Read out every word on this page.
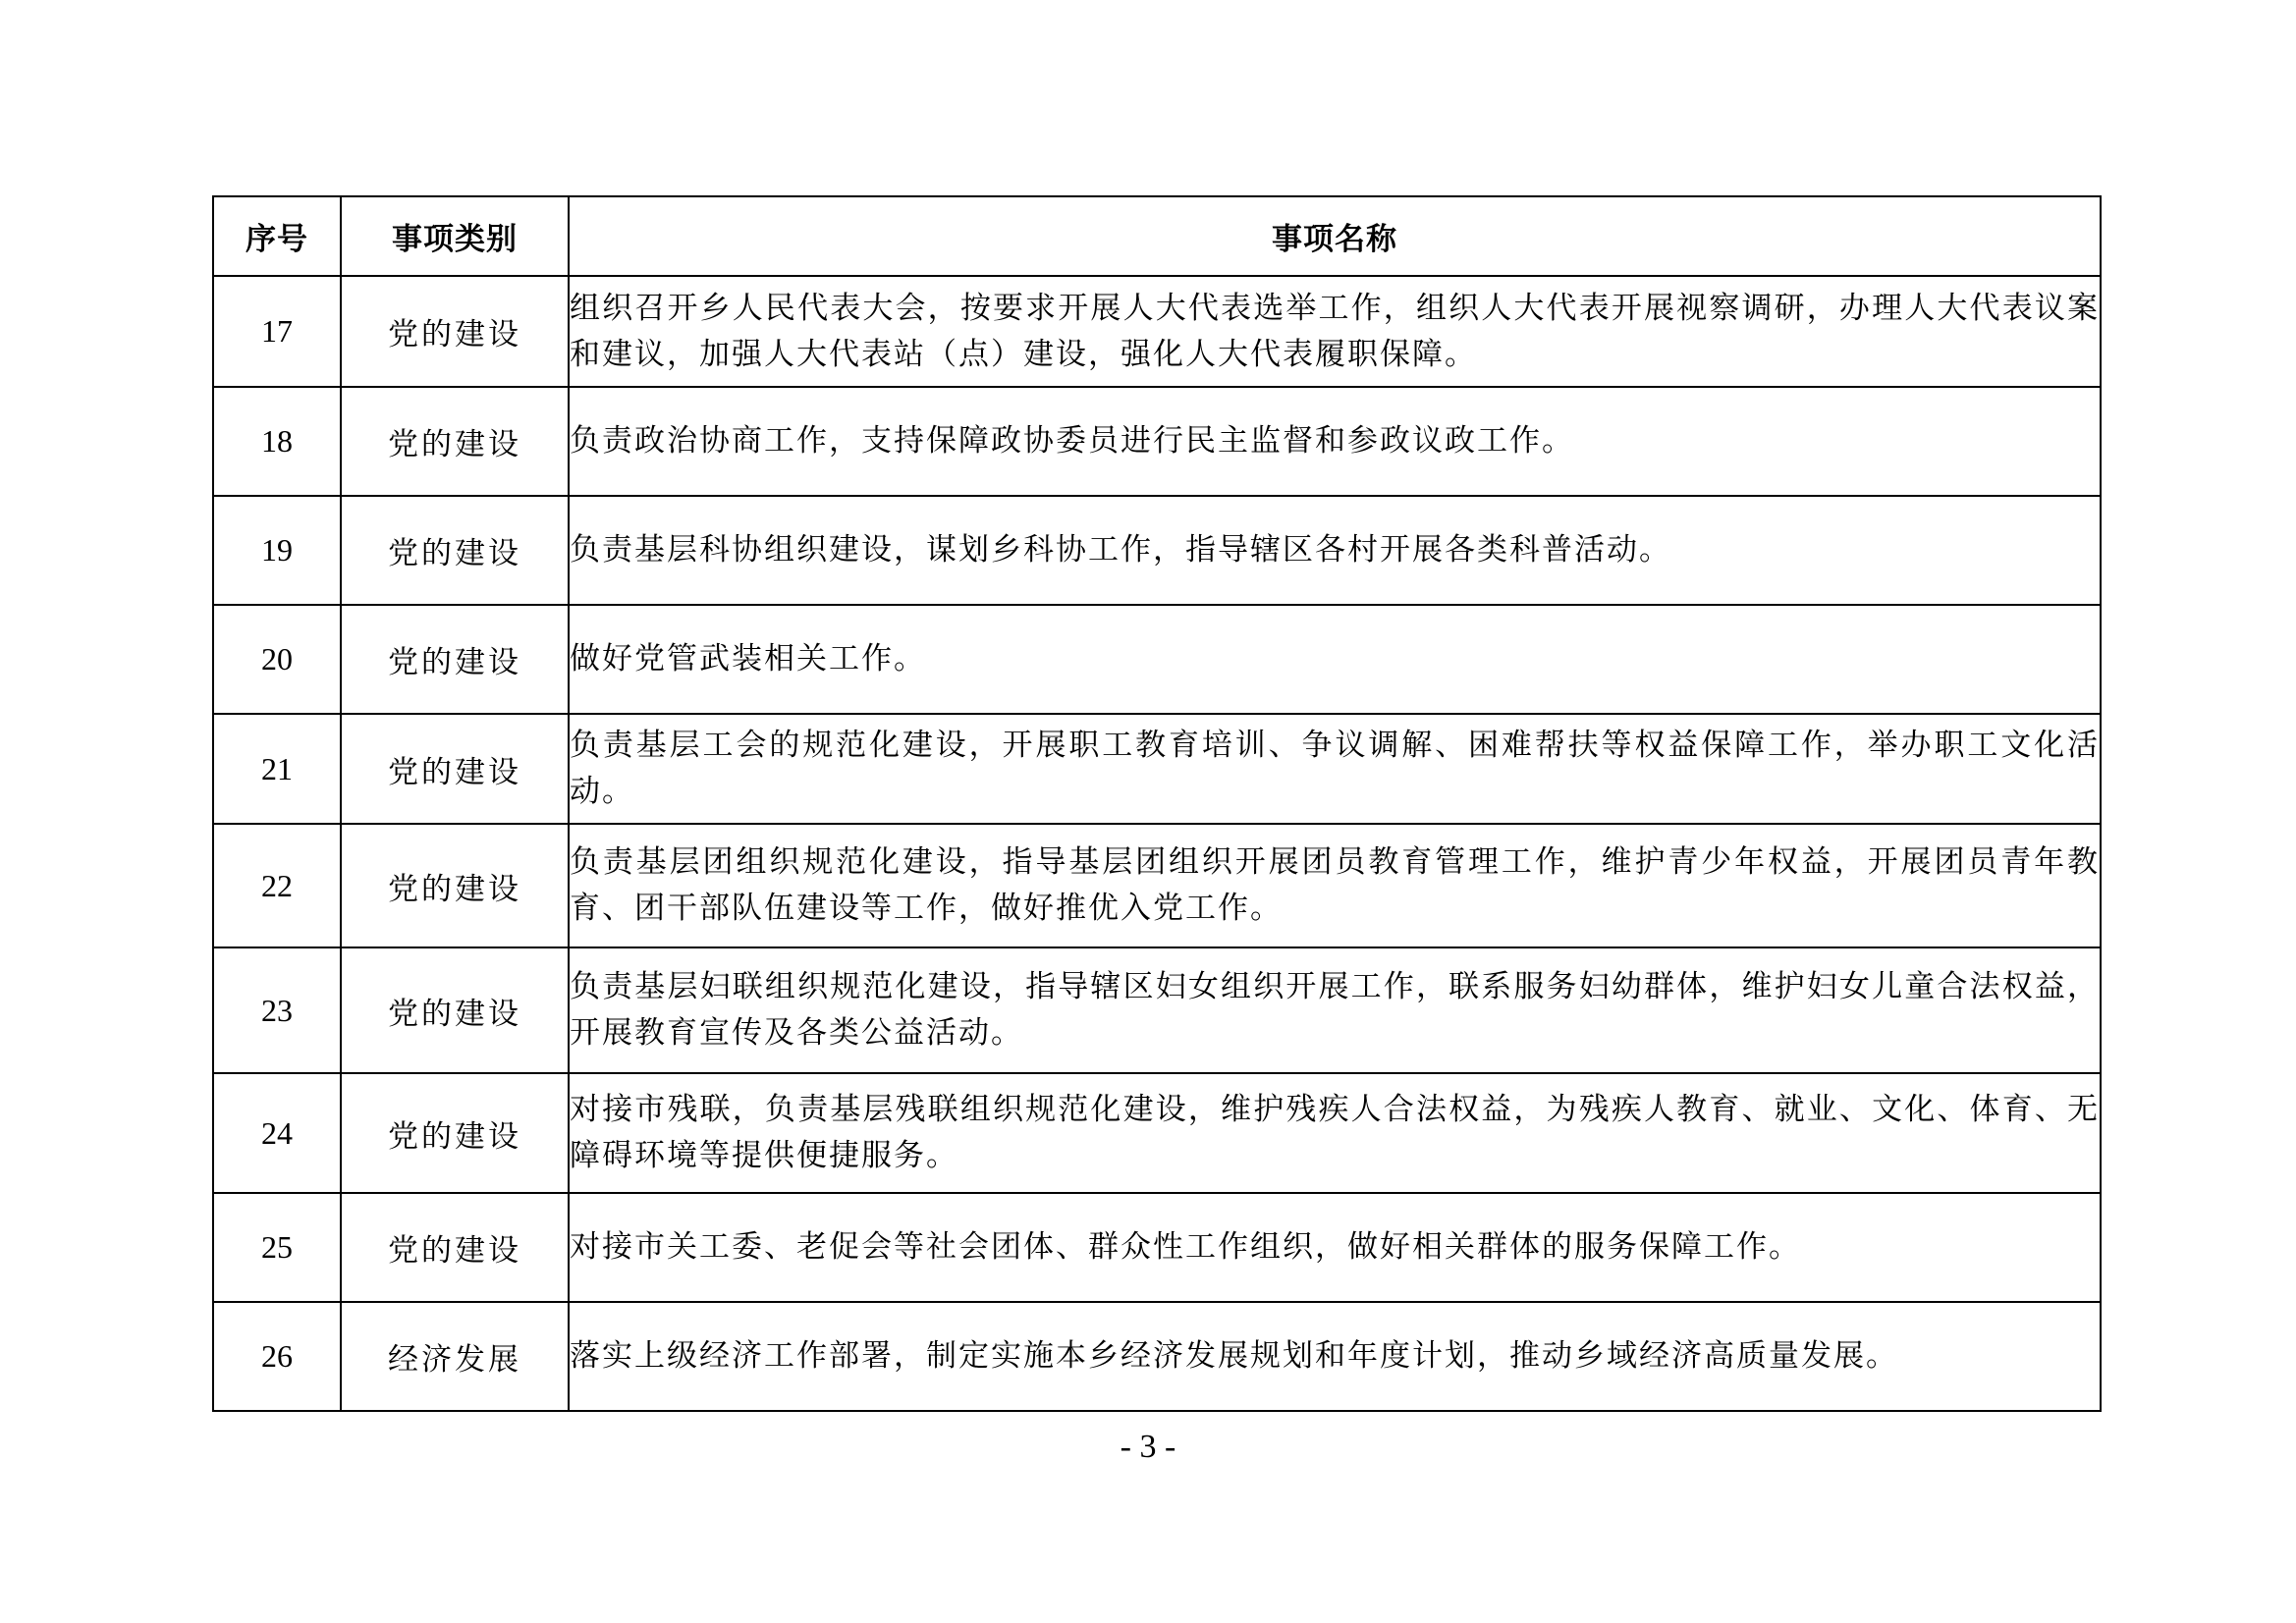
序号	事项类别	事项名称
17	党的建设	组织召开乡人民代表大会，按要求开展人大代表选举工作，组织人大代表开展视察调研，办理人大代表议案和建议，加强人大代表站（点）建设，强化人大代表履职保障。
18	党的建设	负责政治协商工作，支持保障政协委员进行民主监督和参政议政工作。
19	党的建设	负责基层科协组织建设，谋划乡科协工作，指导辖区各村开展各类科普活动。
20	党的建设	做好党管武装相关工作。
21	党的建设	负责基层工会的规范化建设，开展职工教育培训、争议调解、困难帮扶等权益保障工作，举办职工文化活动。
22	党的建设	负责基层团组织规范化建设，指导基层团组织开展团员教育管理工作，维护青少年权益，开展团员青年教育、团干部队伍建设等工作，做好推优入党工作。
23	党的建设	负责基层妇联组织规范化建设，指导辖区妇女组织开展工作，联系服务妇幼群体，维护妇女儿童合法权益，开展教育宣传及各类公益活动。
24	党的建设	对接市残联，负责基层残联组织规范化建设，维护残疾人合法权益，为残疾人教育、就业、文化、体育、无障碍环境等提供便捷服务。
25	党的建设	对接市关工委、老促会等社会团体、群众性工作组织，做好相关群体的服务保障工作。
26	经济发展	落实上级经济工作部署，制定实施本乡经济发展规划和年度计划，推动乡域经济高质量发展。
- 3 -
